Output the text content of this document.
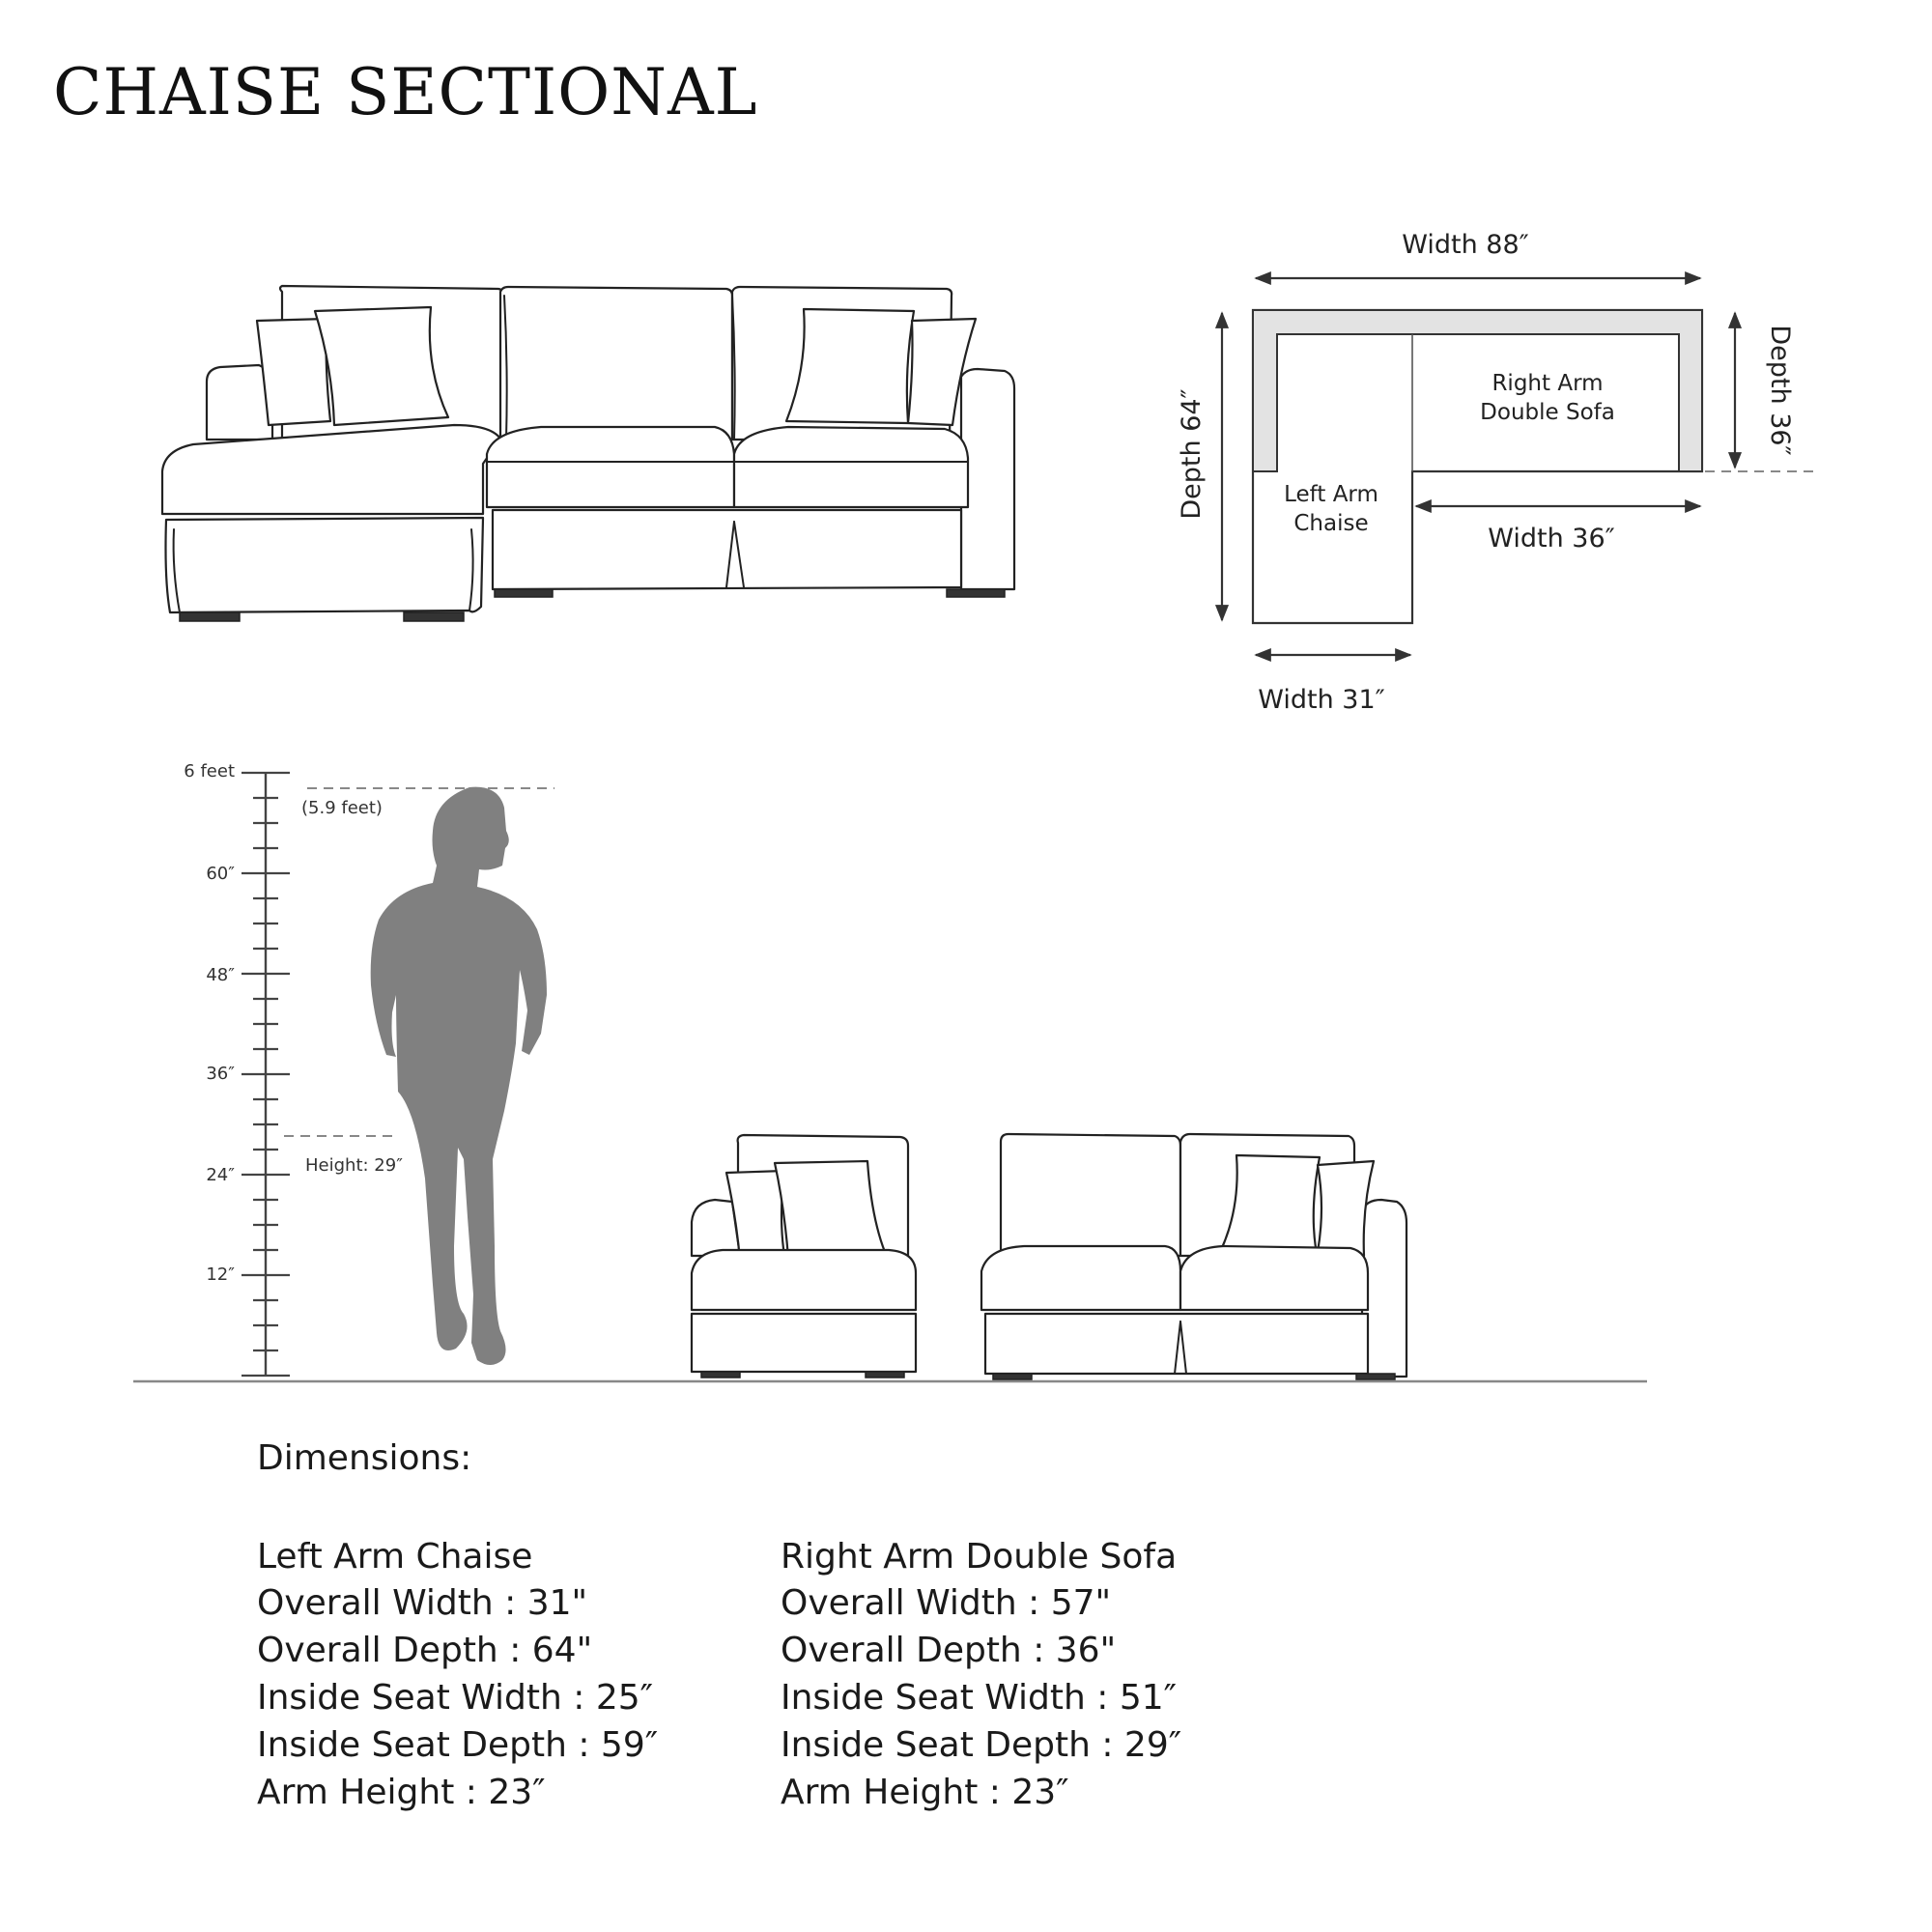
CHAISE SECTIONAL
Right Arm
Double Sofa
Left Arm
Chaise
Width 88″
Depth 64″	Depth 36″
Width 36″
Width 31″
6 feet
60″
48″
36″
24″
12″
(5.9 feet)
Height: 29″
Dimensions:
Left Arm Chaise
Overall Width : 31"
Overall Depth : 64"
Inside Seat Width : 25″
Inside Seat Depth : 59″
Arm Height : 23″
Right Arm Double Sofa
Overall Width : 57"
Overall Depth : 36"
Inside Seat Width : 51″
Inside Seat Depth : 29″
Arm Height : 23″
